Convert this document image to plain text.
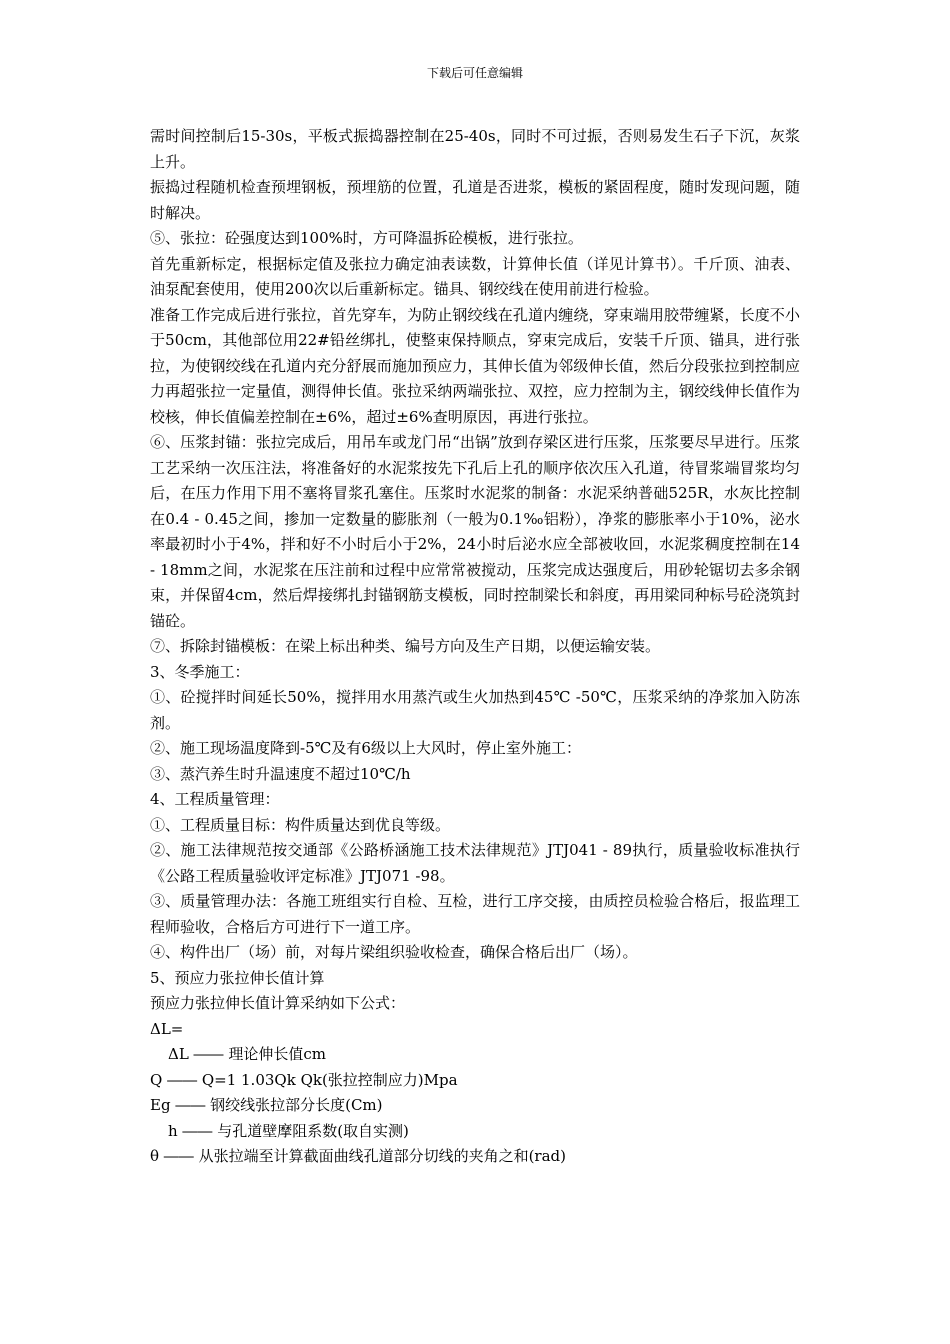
下载后可任意编辑

需时间控制后15-30s，平板式振捣器控制在25-40s，同时不可过振，否则易发生石子下沉，灰浆上升。

振捣过程随机检查预埋钢板，预埋筋的位置，孔道是否进浆，模板的紧固程度，随时发现问题，随时解决。

⑤、张拉：砼强度达到100%时，方可降温拆砼模板，进行张拉。

首先重新标定，根据标定值及张拉力确定油表读数，计算伸长值（详见计算书）。千斤顶、油表、油泵配套使用，使用200次以后重新标定。锚具、钢绞线在使用前进行检验。

准备工作完成后进行张拉，首先穿车，为防止钢绞线在孔道内缠绕，穿束端用胶带缠紧，长度不小于50cm，其他部位用22#铅丝绑扎，使整束保持顺点，穿束完成后，安装千斤顶、锚具，进行张拉，为使钢绞线在孔道内充分舒展而施加预应力，其伸长值为邻级伸长值，然后分段张拉到控制应力再超张拉一定量值，测得伸长值。张拉采纳两端张拉、双控，应力控制为主，钢绞线伸长值作为校核，伸长值偏差控制在±6%，超过±6%查明原因，再进行张拉。

⑥、压浆封锚：张拉完成后，用吊车或龙门吊“出锅”放到存梁区进行压浆，压浆要尽早进行。压浆工艺采纳一次压注法，将准备好的水泥浆按先下孔后上孔的顺序依次压入孔道，待冒浆端冒浆均匀后，在压力作用下用不塞将冒浆孔塞住。压浆时水泥浆的制备：水泥采纳普础525R，水灰比控制在0.4 - 0.45之间，掺加一定数量的膨胀剂（一般为0.1‰铝粉），净浆的膨胀率小于10%，泌水率最初时小于4%，拌和好不小时后小于2%，24小时后泌水应全部被收回，水泥浆稠度控制在14 - 18mm之间，水泥浆在压注前和过程中应常常被搅动，压浆完成达强度后，用砂轮锯切去多余钢束，并保留4cm，然后焊接绑扎封锚钢筋支模板，同时控制梁长和斜度，再用梁同种标号砼浇筑封锚砼。

⑦、拆除封锚模板：在梁上标出种类、编号方向及生产日期，以便运输安装。

3、冬季施工：

①、砼搅拌时间延长50%，搅拌用水用蒸汽或生火加热到45℃ -50℃，压浆采纳的净浆加入防冻剂。

②、施工现场温度降到-5℃及有6级以上大风时，停止室外施工：

③、蒸汽养生时升温速度不超过10℃/h

4、工程质量管理：

①、工程质量目标：构件质量达到优良等级。

②、施工法律规范按交通部《公路桥涵施工技术法律规范》JTJ041 - 89执行，质量验收标准执行《公路工程质量验收评定标准》JTJ071 -98。

③、质量管理办法：各施工班组实行自检、互检，进行工序交接，由质控员检验合格后，报监理工程师验收，合格后方可进行下一道工序。

④、构件出厂（场）前，对每片梁组织验收检查，确保合格后出厂（场）。

5、预应力张拉伸长值计算

预应力张拉伸长值计算采纳如下公式：

ΔL=

ΔL ―― 理论伸长值cm

Q ―― Q=1 1.03Qk Qk(张拉控制应力)Mpa

Eg ―― 钢绞线张拉部分长度(Cm)

h ―― 与孔道壁摩阻系数(取自实测)

θ ―― 从张拉端至计算截面曲线孔道部分切线的夹角之和(rad)
